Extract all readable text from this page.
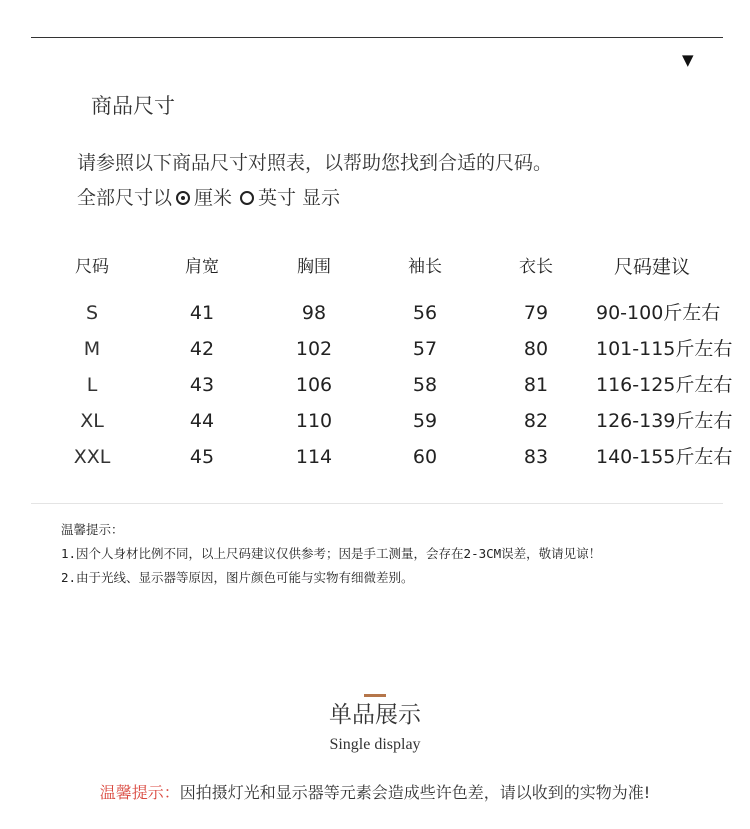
▼
商品尺寸
请参照以下商品尺寸对照表，以帮助您找到合适的尺码。
全部尺寸以 厘米 英寸 显示
尺码	肩宽	胸围	袖长	衣长	尺码建议
S	41	98	56	79	90-100斤左右
M	42	102	57	80	101-115斤左右
L	43	106	58	81	116-125斤左右
XL	44	110	59	82	126-139斤左右
XXL	45	114	60	83	140-155斤左右
温馨提示：
1.因个人身材比例不同，以上尺码建议仅供参考；因是手工测量，会存在2-3CM误差，敬请见谅！
2.由于光线、显示器等原因，图片颜色可能与实物有细微差别。
单品展示
Single display
温馨提示：因拍摄灯光和显示器等元素会造成些许色差，请以收到的实物为准!
